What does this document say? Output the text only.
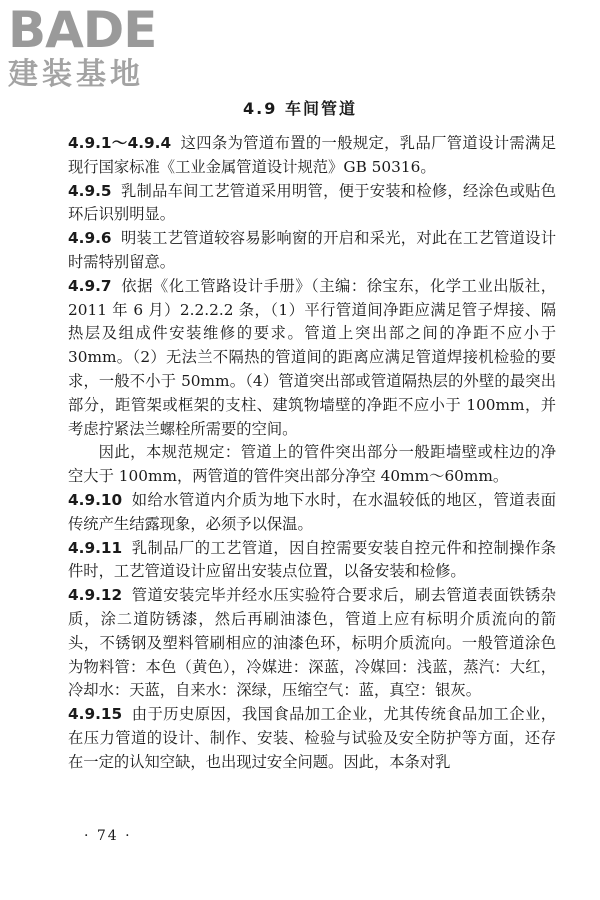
BADE
建装基地
4.9 车间管道

4.9.1～4.9.4 这四条为管道布置的一般规定，乳品厂管道设计需满足现行国家标准《工业金属管道设计规范》GB 50316。

4.9.5 乳制品车间工艺管道采用明管，便于安装和检修，经涂色或贴色环后识别明显。

4.9.6 明装工艺管道较容易影响窗的开启和采光，对此在工艺管道设计时需特别留意。

4.9.7 依据《化工管路设计手册》（主编：徐宝东，化学工业出版社，2011 年 6 月）2.2.2.2 条，（1）平行管道间净距应满足管子焊接、隔热层及组成件安装维修的要求。管道上突出部之间的净距不应小于 30mm。（2）无法兰不隔热的管道间的距离应满足管道焊接机检验的要求，一般不小于 50mm。（4）管道突出部或管道隔热层的外壁的最突出部分，距管架或框架的支柱、建筑物墙壁的净距不应小于 100mm，并考虑拧紧法兰螺栓所需要的空间。

因此，本规范规定：管道上的管件突出部分一般距墙壁或柱边的净空大于 100mm，两管道的管件突出部分净空 40mm～60mm。

4.9.10 如给水管道内介质为地下水时，在水温较低的地区，管道表面传统产生结露现象，必须予以保温。

4.9.11 乳制品厂的工艺管道，因自控需要安装自控元件和控制操作条件时，工艺管道设计应留出安装点位置，以备安装和检修。

4.9.12 管道安装完毕并经水压实验符合要求后，刷去管道表面铁锈杂质，涂二道防锈漆，然后再刷油漆色，管道上应有标明介质流向的箭头，不锈钢及塑料管刷相应的油漆色环，标明介质流向。一般管道涂色为物料管：本色（黄色），冷媒进：深蓝，冷媒回：浅蓝，蒸汽：大红，冷却水：天蓝，自来水：深绿，压缩空气：蓝，真空：银灰。

4.9.15 由于历史原因，我国食品加工企业，尤其传统食品加工企业，在压力管道的设计、制作、安装、检验与试验及安全防护等方面，还存在一定的认知空缺，也出现过安全问题。因此，本条对乳

· 74 ·
